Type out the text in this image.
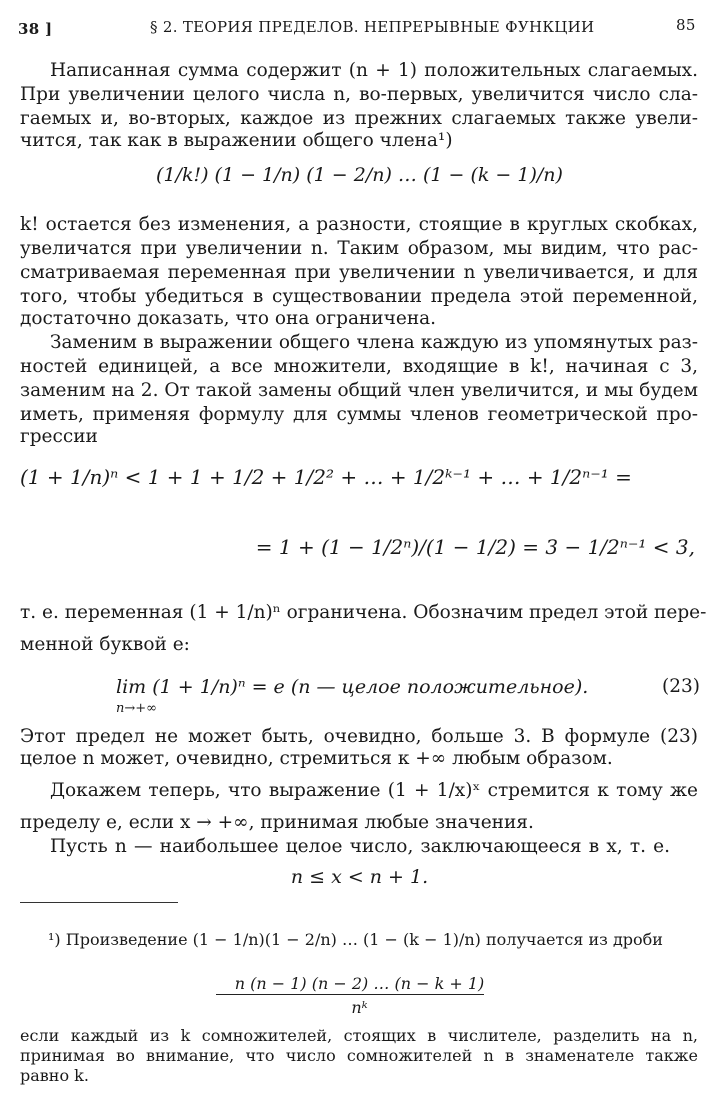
38 ]	§ 2. ТЕОРИЯ ПРЕДЕЛОВ. НЕПРЕРЫВНЫЕ ФУНКЦИИ	85
Написанная сумма содержит (n + 1) положительных слагаемых.
При увеличении целого числа n, во-первых, увеличится число сла-
гаемых и, во-вторых, каждое из прежних слагаемых также увели-
чится, так как в выражении общего члена¹)
(1/k!) (1 − 1/n) (1 − 2/n) … (1 − (k − 1)/n)
k! остается без изменения, а разности, стоящие в круглых скобках,
увеличатся при увеличении n. Таким образом, мы видим, что рас-
сматриваемая переменная при увеличении n увеличивается, и для
того, чтобы убедиться в существовании предела этой переменной,
достаточно доказать, что она ограничена.
Заменим в выражении общего члена каждую из упомянутых раз-
ностей единицей, а все множители, входящие в k!, начиная с 3,
заменим на 2. От такой замены общий член увеличится, и мы будем
иметь, применяя формулу для суммы членов геометрической про-
грессии
(1 + 1/n)ⁿ < 1 + 1 + 1/2 + 1/2² + … + 1/2ᵏ⁻¹ + … + 1/2ⁿ⁻¹ =
= 1 + (1 − 1/2ⁿ)/(1 − 1/2) = 3 − 1/2ⁿ⁻¹ < 3,
т. е. переменная (1 + 1/n)ⁿ ограничена. Обозначим предел этой пере-
менной буквой e:
lim (1 + 1/n)ⁿ = e (n — целое положительное).
n→+∞
(23)
Этот предел не может быть, очевидно, больше 3. В формуле (23)
целое n может, очевидно, стремиться к +∞ любым образом.
Докажем теперь, что выражение (1 + 1/x)ˣ стремится к тому же
пределу e, если x → +∞, принимая любые значения.
Пусть n — наибольшее целое число, заключающееся в x, т. е.
n ≤ x < n + 1.
¹) Произведение (1 − 1/n)(1 − 2/n) … (1 − (k − 1)/n) получается из дроби
n (n − 1) (n − 2) … (n − k + 1)
nᵏ
если каждый из k сомножителей, стоящих в числителе, разделить на n,
принимая во внимание, что число сомножителей n в знаменателе также
равно k.
